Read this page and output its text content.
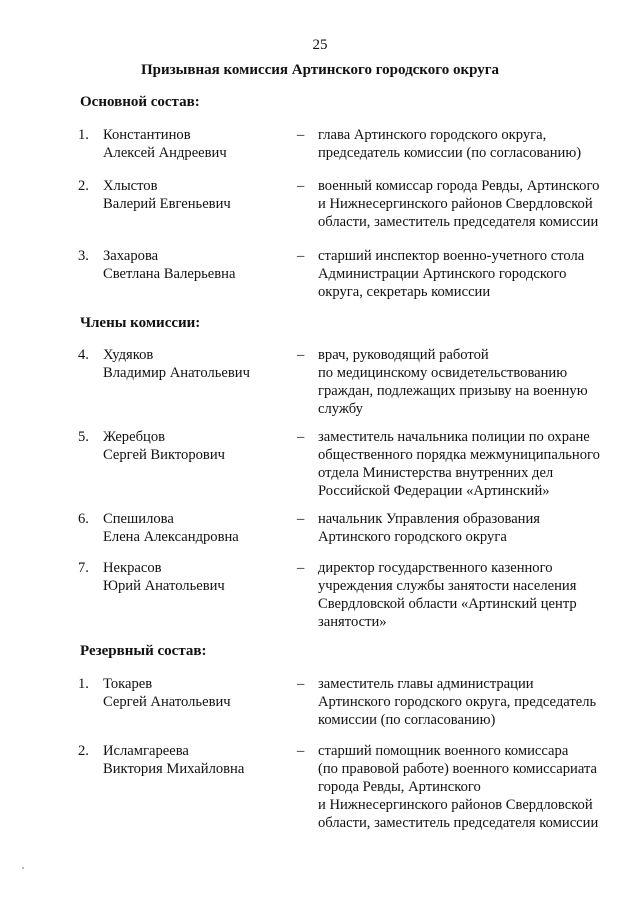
25
Призывная комиссия Артинского городского округа
Основной состав:
1. Константинов
Алексей Андреевич
– глава Артинского городского округа,
председатель комиссии (по согласованию)
2. Хлыстов
Валерий Евгеньевич
– военный комиссар города Ревды, Артинского
и Нижнесергинского районов Свердловской
области, заместитель председателя комиссии
3. Захарова
Светлана Валерьевна
– старший инспектор военно-учетного стола
Администрации Артинского городского
округа, секретарь комиссии
Члены комиссии:
4. Худяков
Владимир Анатольевич
– врач, руководящий работой
по медицинскому освидетельствованию
граждан, подлежащих призыву на военную
службу
5. Жеребцов
Сергей Викторович
– заместитель начальника полиции по охране
общественного порядка межмуниципального
отдела Министерства внутренних дел
Российской Федерации «Артинский»
6. Спешилова
Елена Александровна
– начальник Управления образования
Артинского городского округа
7. Некрасов
Юрий Анатольевич
– директор государственного казенного
учреждения службы занятости населения
Свердловской области «Артинский центр
занятости»
Резервный состав:
1. Токарев
Сергей Анатольевич
– заместитель главы администрации
Артинского городского округа, председатель
комиссии (по согласованию)
2. Исламгареева
Виктория Михайловна
– старший помощник военного комиссара
(по правовой работе) военного комиссариата
города Ревды, Артинского
и Нижнесергинского районов Свердловской
области, заместитель председателя комиссии
